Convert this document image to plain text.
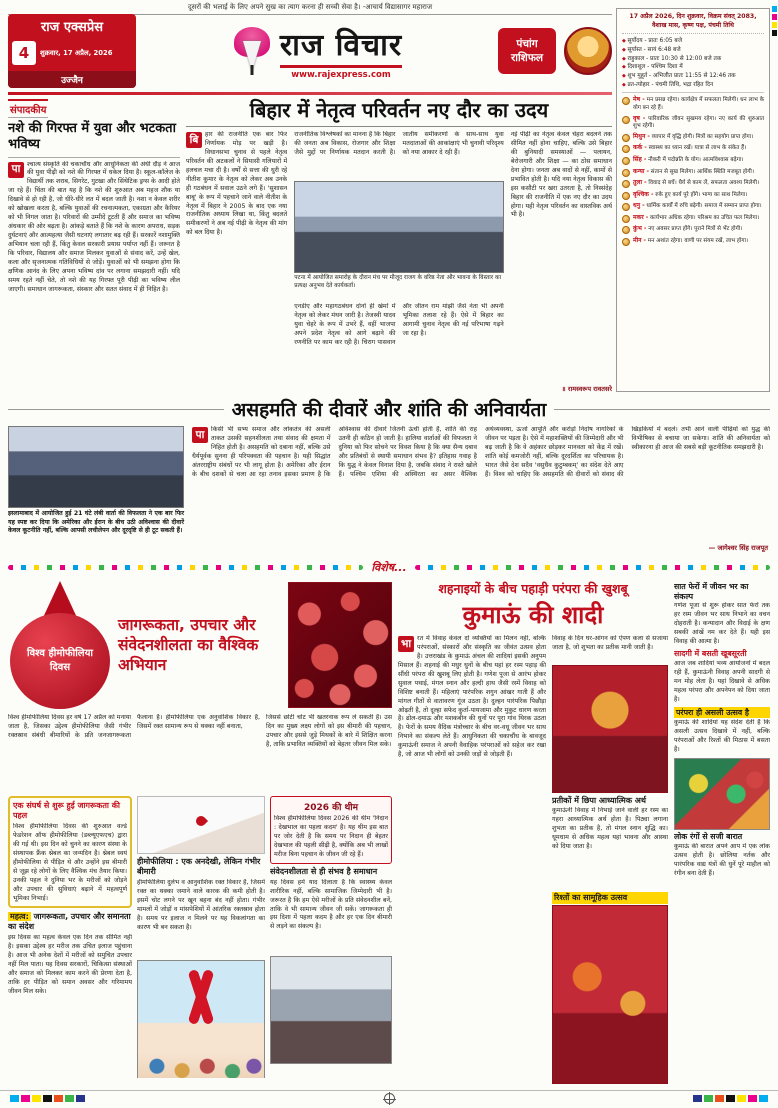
दूसरों की भलाई के लिए अपने सुख का त्याग करना ही सच्ची सेवा है। -आचार्य विद्यासागर महाराज
राज एक्सप्रेस
4	शुक्रवार, 17 अप्रैल, 2026
उज्जैन
राज विचार
www.rajexpress.com
पंचांग
राशिफल
17 अप्रैल 2026, दिन शुक्रवार, विक्रम संवत् 2083, वैशाख मास, कृष्ण पक्ष, पंचमी तिथि
◆ सूर्योदय - प्रातः 6:05 बजे
◆ सूर्यास्त - सायं 6:48 बजे
◆ राहुकाल - प्रातः 10:30 से 12:00 बजे तक
◆ दिशाशूल - पश्चिम दिशा में
◆ शुभ मुहूर्त - अभिजीत प्रातः 11:55 से 12:46 तक
◆ व्रत-त्योहार - पंचमी तिथि, भद्रा रहित दिन
मेष - मन प्रसन्न रहेगा। कार्यक्षेत्र में सफलता मिलेगी। धन लाभ के योग बन रहे हैं।
वृष - पारिवारिक जीवन सुखमय रहेगा। नए कार्य की शुरुआत शुभ रहेगी।
मिथुन - व्यापार में वृद्धि होगी। मित्रों का सहयोग प्राप्त होगा।
कर्क - स्वास्थ्य का ध्यान रखें। यात्रा से लाभ के संकेत हैं।
सिंह - नौकरी में पदोन्नति के योग। आत्मविश्वास बढ़ेगा।
कन्या - संतान से सुख मिलेगा। आर्थिक स्थिति मजबूत होगी।
तुला - विवाद से बचें। धैर्य से काम लें, सफलता अवश्य मिलेगी।
वृश्चिक - रुके हुए कार्य पूरे होंगे। भाग्य का साथ मिलेगा।
धनु - धार्मिक कार्यों में रुचि बढ़ेगी। समाज में सम्मान प्राप्त होगा।
मकर - कार्यभार अधिक रहेगा। परिश्रम का उचित फल मिलेगा।
कुंभ - नए अवसर प्राप्त होंगे। पुराने मित्रों से भेंट होगी।
मीन - मन अशांत रहेगा। वाणी पर संयम रखें, लाभ होगा।
संपादकीय
नशे की गिरफ्त में युवा और भटकता भविष्य
पा	श्चात्य संस्कृति की चकाचौंध और आधुनिकता की अंधी दौड़ ने आज की युवा पीढ़ी को नशे की गिरफ्त में धकेल दिया है। स्कूल-कॉलेज के विद्यार्थी तक शराब, सिगरेट, गुटखा और सिंथेटिक ड्रग्स के आदी होते जा रहे हैं। चिंता की बात यह है कि नशे की शुरुआत अब महज शौक या दिखावे से हो रही है, जो धीरे-धीरे लत में बदल जाती है। नशा न केवल शरीर को खोखला करता है, बल्कि युवाओं की रचनात्मकता, एकाग्रता और कैरियर को भी निगल जाता है। परिवारों की उम्मीदें टूटती हैं और समाज का भविष्य अंधकार की ओर बढ़ता है। आंकड़े बताते हैं कि नशे के कारण अपराध, सड़क दुर्घटनाएं और आत्महत्या जैसी घटनाएं लगातार बढ़ रही हैं। सरकारें नशामुक्ति अभियान चला रही हैं, किंतु केवल सरकारी प्रयास पर्याप्त नहीं हैं। जरूरत है कि परिवार, विद्यालय और समाज मिलकर युवाओं से संवाद करें, उन्हें खेल, कला और सृजनात्मक गतिविधियों से जोड़ें। युवाओं को भी समझना होगा कि क्षणिक आनंद के लिए अपना भविष्य दांव पर लगाना समझदारी नहीं। यदि समय रहते नहीं चेते, तो नशे की यह गिरफ्त पूरी पीढ़ी का भविष्य लील जाएगी। समाधान जागरूकता, संस्कार और सतत संवाद में ही निहित है।
बिहार में नेतृत्व परिवर्तन नए दौर का उदय
बि	हार की राजनीति एक बार फिर निर्णायक मोड़ पर खड़ी है। विधानसभा चुनाव से पहले नेतृत्व परिवर्तन की अटकलों ने सियासी गलियारों में हलचल मचा दी है। वर्षों से सत्ता की धुरी रहे नीतीश कुमार के नेतृत्व को लेकर अब उनके ही गठबंधन में सवाल उठने लगे हैं। 'सुशासन बाबू' के रूप में पहचाने जाने वाले नीतीश के नेतृत्व में बिहार ने 2005 के बाद एक नया राजनीतिक अध्याय लिखा था, किंतु बदलते समीकरणों ने अब नई पीढ़ी के नेतृत्व की मांग को बल दिया है।
राजनीतिक विश्लेषकों का मानना है कि बिहार की जनता अब विकास, रोजगार और शिक्षा जैसे मुद्दों पर निर्णायक मतदान करती है। जातीय समीकरणों के साथ-साथ युवा मतदाताओं की आकांक्षाएं भी चुनावी परिदृश्य को नया आकार दे रही हैं।
पटना में आयोजित समारोह के दौरान मंच पर मौजूद राजग के वरिष्ठ नेता और भावना के विस्तार का प्रत्यक्ष अनुभव देते कार्यकर्ता।
एनडीए और महागठबंधन दोनों ही खेमों में नेतृत्व को लेकर मंथन जारी है। तेजस्वी यादव युवा चेहरे के रूप में उभरे हैं, वहीं भाजपा अपने प्रदेश नेतृत्व को आगे बढ़ाने की रणनीति पर काम कर रही है। चिराग पासवान और जीतन राम मांझी जैसे नेता भी अपनी भूमिका तलाश रहे हैं। ऐसे में बिहार का आगामी चुनाव नेतृत्व की नई परिभाषा गढ़ने जा रहा है।
नई पीढ़ी का नेतृत्व केवल चेहरा बदलने तक सीमित नहीं होना चाहिए, बल्कि उसे बिहार की बुनियादी समस्याओं — पलायन, बेरोजगारी और शिक्षा — का ठोस समाधान देना होगा। जनता अब वादों से नहीं, कामों से प्रभावित होती है। यदि नया नेतृत्व विकास की इस कसौटी पर खरा उतरता है, तो निस्संदेह बिहार की राजनीति में एक नए दौर का उदय होगा। यही नेतृत्व परिवर्तन का वास्तविक अर्थ भी है।
॥ रामस्वरूप रावतसरे
असहमति की दीवारें और शांति की अनिवार्यता
इस्लामाबाद में आयोजित हुई 21 घंटे लंबी वार्ता की विफलता ने एक बार फिर यह स्पष्ट कर दिया कि अमेरिका और ईरान के बीच उठी अविश्वास की दीवारें केवल कूटनीति नहीं, बल्कि आपसी लचीलेपन और दूरदृष्टि से ही टूट सकती हैं।
पा	किसी भी सभ्य समाज और लोकतंत्र की असली ताकत उसकी सहनशीलता तथा संवाद की क्षमता में निहित होती है। असहमति को दबाना नहीं, बल्कि उसे धैर्यपूर्वक सुनना ही परिपक्वता की पहचान है। यही सिद्धांत अंतरराष्ट्रीय संबंधों पर भी लागू होता है। अमेरिका और ईरान के बीच दशकों से चला आ रहा तनाव इसका प्रमाण है कि अविश्वास की दीवारें जितनी ऊंची होती हैं, शांति की राह उतनी ही कठिन हो जाती है। हालिया वार्ताओं की विफलता ने दुनिया को फिर सोचने पर विवश किया है कि क्या सैन्य दबाव और प्रतिबंधों से स्थायी समाधान संभव है? इतिहास गवाह है कि युद्ध ने केवल विनाश दिया है, जबकि संवाद ने रास्ते खोले हैं। पश्चिम एशिया की अस्थिरता का असर वैश्विक अर्थव्यवस्था, ऊर्जा आपूर्ति और करोड़ों निर्दोष नागरिकों के जीवन पर पड़ता है। ऐसे में महाशक्तियों की जिम्मेदारी और भी बढ़ जाती है कि वे अहंकार छोड़कर मानवता को केंद्र में रखें। शांति कोई कमजोरी नहीं, बल्कि दूरदर्शिता का परिचायक है। भारत जैसे देश सदैव 'वसुधैव कुटुम्बकम्' का संदेश देते आए हैं। विश्व को चाहिए कि असहमति की दीवारों को संवाद की खिड़कियों में बदले। तभी आने वाली पीढ़ियों को युद्ध की विभीषिका से बचाया जा सकेगा। शांति की अनिवार्यता को स्वीकारना ही आज की सबसे बड़ी कूटनीतिक समझदारी है।
— जागेश्वर सिंह राजपूत
विशेष...
विश्व हीमोफीलिया दिवस
जागरूकता, उपचार और संवेदनशीलता का वैश्विक अभियान
विश्व हीमोफीलिया दिवस हर वर्ष 17 अप्रैल को मनाया जाता है, जिसका उद्देश्य हीमोफीलिया जैसी गंभीर रक्तस्राव संबंधी बीमारियों के प्रति जनजागरूकता फैलाना है। हीमोफीलिया एक अनुवांशिक विकार है, जिसमें रक्त सामान्य रूप से थक्का नहीं बनाता,
जिससे छोटी चोट भी खतरनाक रूप ले सकती है। उस दिन का मुख्य लक्ष्य लोगों को इस बीमारी की पहचान, उपचार और इससे जुड़े मिथकों के बारे में शिक्षित करना है, ताकि प्रभावित व्यक्तियों को बेहतर जीवन मिल सके।
एक संघर्ष से शुरू हुई जागरूकता की पहल
विश्व हीमोफीलिया दिवस की शुरुआत वर्ल्ड फेडरेशन ऑफ हीमोफीलिया (डब्ल्यूएफएच) द्वारा की गई थी। इस दिन को चुनने का कारण संस्था के संस्थापक फ्रैंक श्नेबल का जन्मदिन है। श्नेबल स्वयं हीमोफीलिया से पीड़ित थे और उन्होंने इस बीमारी से जूझ रहे लोगों के लिए वैश्विक मंच तैयार किया। उनकी पहल ने दुनिया भर के मरीजों को जोड़ने और उपचार की सुविधाएं बढ़ाने में महत्वपूर्ण भूमिका निभाई।
महत्व: जागरूकता, उपचार और समानता का संदेश
इस दिवस का महत्व केवल एक दिन तक सीमित नहीं है। इसका उद्देश्य हर मरीज तक उचित इलाज पहुंचाना है। आज भी अनेक देशों में मरीजों को समुचित उपचार नहीं मिल पाता। यह दिवस सरकारों, चिकित्सा संस्थाओं और समाज को मिलकर काम करने की प्रेरणा देता है, ताकि हर पीड़ित को समान अवसर और गरिमामय जीवन मिल सके।
हीमोफीलिया : एक अनदेखी, लेकिन गंभीर बीमारी
हीमोफीलिया दुर्लभ व आनुवांशिक रक्त विकार है, जिसमें रक्त का थक्का जमाने वाले कारक की कमी होती है। इसमें चोट लगने पर खून बहना बंद नहीं होता। गंभीर मामलों में जोड़ों व मांसपेशियों में आंतरिक रक्तस्राव होता है। समय पर इलाज न मिलने पर यह विकलांगता का कारण भी बन सकता है।
2026 की थीम
विश्व हीमोफीलिया दिवस 2026 की थीम 'निदान : देखभाल का पहला कदम' है। यह थीम इस बात पर जोर देती है कि समय पर निदान ही बेहतर देखभाल की पहली सीढ़ी है, क्योंकि अब भी लाखों मरीज बिना पहचान के जीवन जी रहे हैं।
संवेदनशीलता से ही संभव है समाधान
यह दिवस हमें याद दिलाता है कि स्वास्थ्य केवल शारीरिक नहीं, बल्कि सामाजिक जिम्मेदारी भी है। जरूरत है कि हम ऐसे मरीजों के प्रति संवेदनशील बनें, ताकि वे भी सामान्य जीवन जी सकें। जागरूकता ही इस दिशा में पहला कदम है और हर एक दिन बीमारी से लड़ने का संकल्प है।
शहनाइयों के बीच पहाड़ी परंपरा की खुशबू
कुमाऊं की शादी
भा रत में विवाह केवल दो व्यक्तियों का मिलन नहीं, बल्कि परंपराओं, संस्कारों और संस्कृति का जीवंत उत्सव होता है। उत्तराखंड के कुमाऊं अंचल की शादियां इसकी अनुपम मिसाल हैं। शहनाई की मधुर धुनों के बीच यहां हर रस्म पहाड़ की सौंधी परंपरा की खुशबू लिए होती है। गणेश पूजा से आरंभ होकर सुवाल पथाई, मंगल स्नान और हल्दी हाथ जैसी रस्में विवाह को विशिष्ट बनाती हैं। महिलाएं पारंपरिक शगुन आंखर गाती हैं और मांगल गीतों से वातावरण गूंज उठता है। दुल्हन पारंपरिक पिछौड़ा ओढ़ती है, तो दूल्हा सफेद कुर्ता-पायजामा और मुकुट धारण करता है। ढोल-दमाऊ और मशकबीन की धुनों पर पूरा गांव थिरक उठता है। फेरों के समय वैदिक मंत्रोच्चार के बीच वर-वधू जीवन भर साथ निभाने का संकल्प लेते हैं। आधुनिकता की चकाचौंध के बावजूद कुमाऊंनी समाज ने अपनी वैवाहिक परंपराओं को सहेज कर रखा है, जो आज भी लोगों को उनकी जड़ों से जोड़ती हैं।
विवाह के दिन घर-आंगन को ऐपण कला से सजाया जाता है, जो शुभता का प्रतीक मानी जाती है।
प्रतीकों में छिपा आध्यात्मिक अर्थ
कुमाऊंनी विवाह में निभाई जाने वाली हर रस्म का गहरा आध्यात्मिक अर्थ होता है। पिठ्या लगाना शुभता का प्रतीक है, तो मंगल स्नान शुद्धि का। धूमधाम से अधिक महत्व यहां भावना और आस्था को दिया जाता है।
रिश्तों का सामूहिक उत्सव
सात फेरों में जीवन भर का संकल्प
गणेश पूजा से शुरू होकर सात फेरों तक हर रस्म जीवन भर साथ निभाने का वचन दोहराती है। कन्यादान और विदाई के क्षण सबकी आंखें नम कर देते हैं। यही इस विवाह की आत्मा है।
सादगी में बसती खूबसूरती
आज जब शादियां भव्य आयोजनों में बदल रही हैं, कुमाऊंनी विवाह अपनी सादगी से मन मोह लेता है। यहां दिखावे से अधिक महत्व परंपरा और अपनेपन को दिया जाता है।
परंपरा ही असली उत्सव है
कुमाऊं की शादियां यह संदेश देती हैं कि असली उत्सव दिखावे में नहीं, बल्कि परंपराओं और रिश्तों की मिठास में बसता है।
लोक रंगों से सजी बारात
कुमाऊं की बारात अपने आप में एक लोक उत्सव होती है। छोलिया नर्तक और पारंपरिक वाद्य यंत्रों की धुनें पूरे माहौल को रंगीन बना देती हैं।
